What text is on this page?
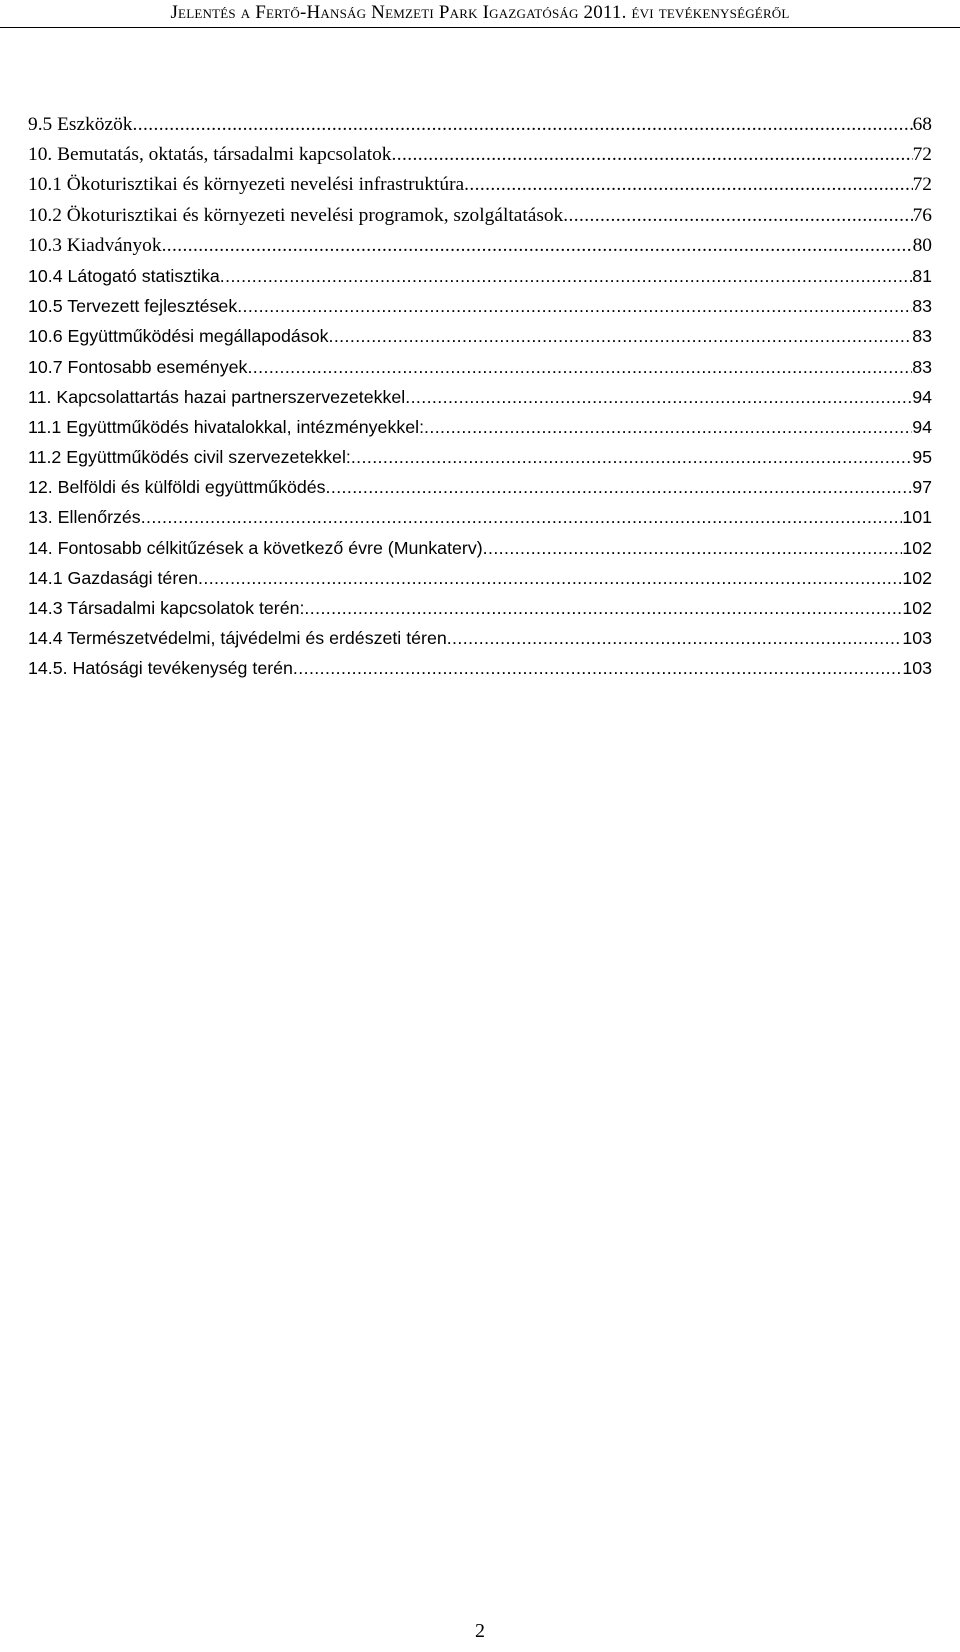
Jelentés a Fertő-Hanság Nemzeti Park Igazgatóság 2011. évi tevékenységéről
9.5 Eszközök .....	68
10. Bemutatás, oktatás, társadalmi kapcsolatok .....	72
10.1 Ökoturisztikai és környezeti nevelési infrastruktúra .....	72
10.2 Ökoturisztikai és környezeti nevelési programok, szolgáltatások .....	76
10.3 Kiadványok .....	80
10.4 Látogató statisztika .....	81
10.5 Tervezett fejlesztések .....	83
10.6 Együttműködési megállapodások .....	83
10.7 Fontosabb események .....	83
11. Kapcsolattartás hazai partnerszervezetekkel .....	94
11.1 Együttműködés hivatalokkal, intézményekkel: .....	94
11.2 Együttműködés civil szervezetekkel: .....	95
12. Belföldi és külföldi együttműködés .....	97
13. Ellenőrzés .....	101
14. Fontosabb célkitűzések a következő évre (Munkaterv) .....	102
14.1 Gazdasági téren .....	102
14.3 Társadalmi kapcsolatok terén: .....	102
14.4 Természetvédelmi, tájvédelmi és erdészeti téren .....	103
14.5. Hatósági tevékenység terén .....	103
2
